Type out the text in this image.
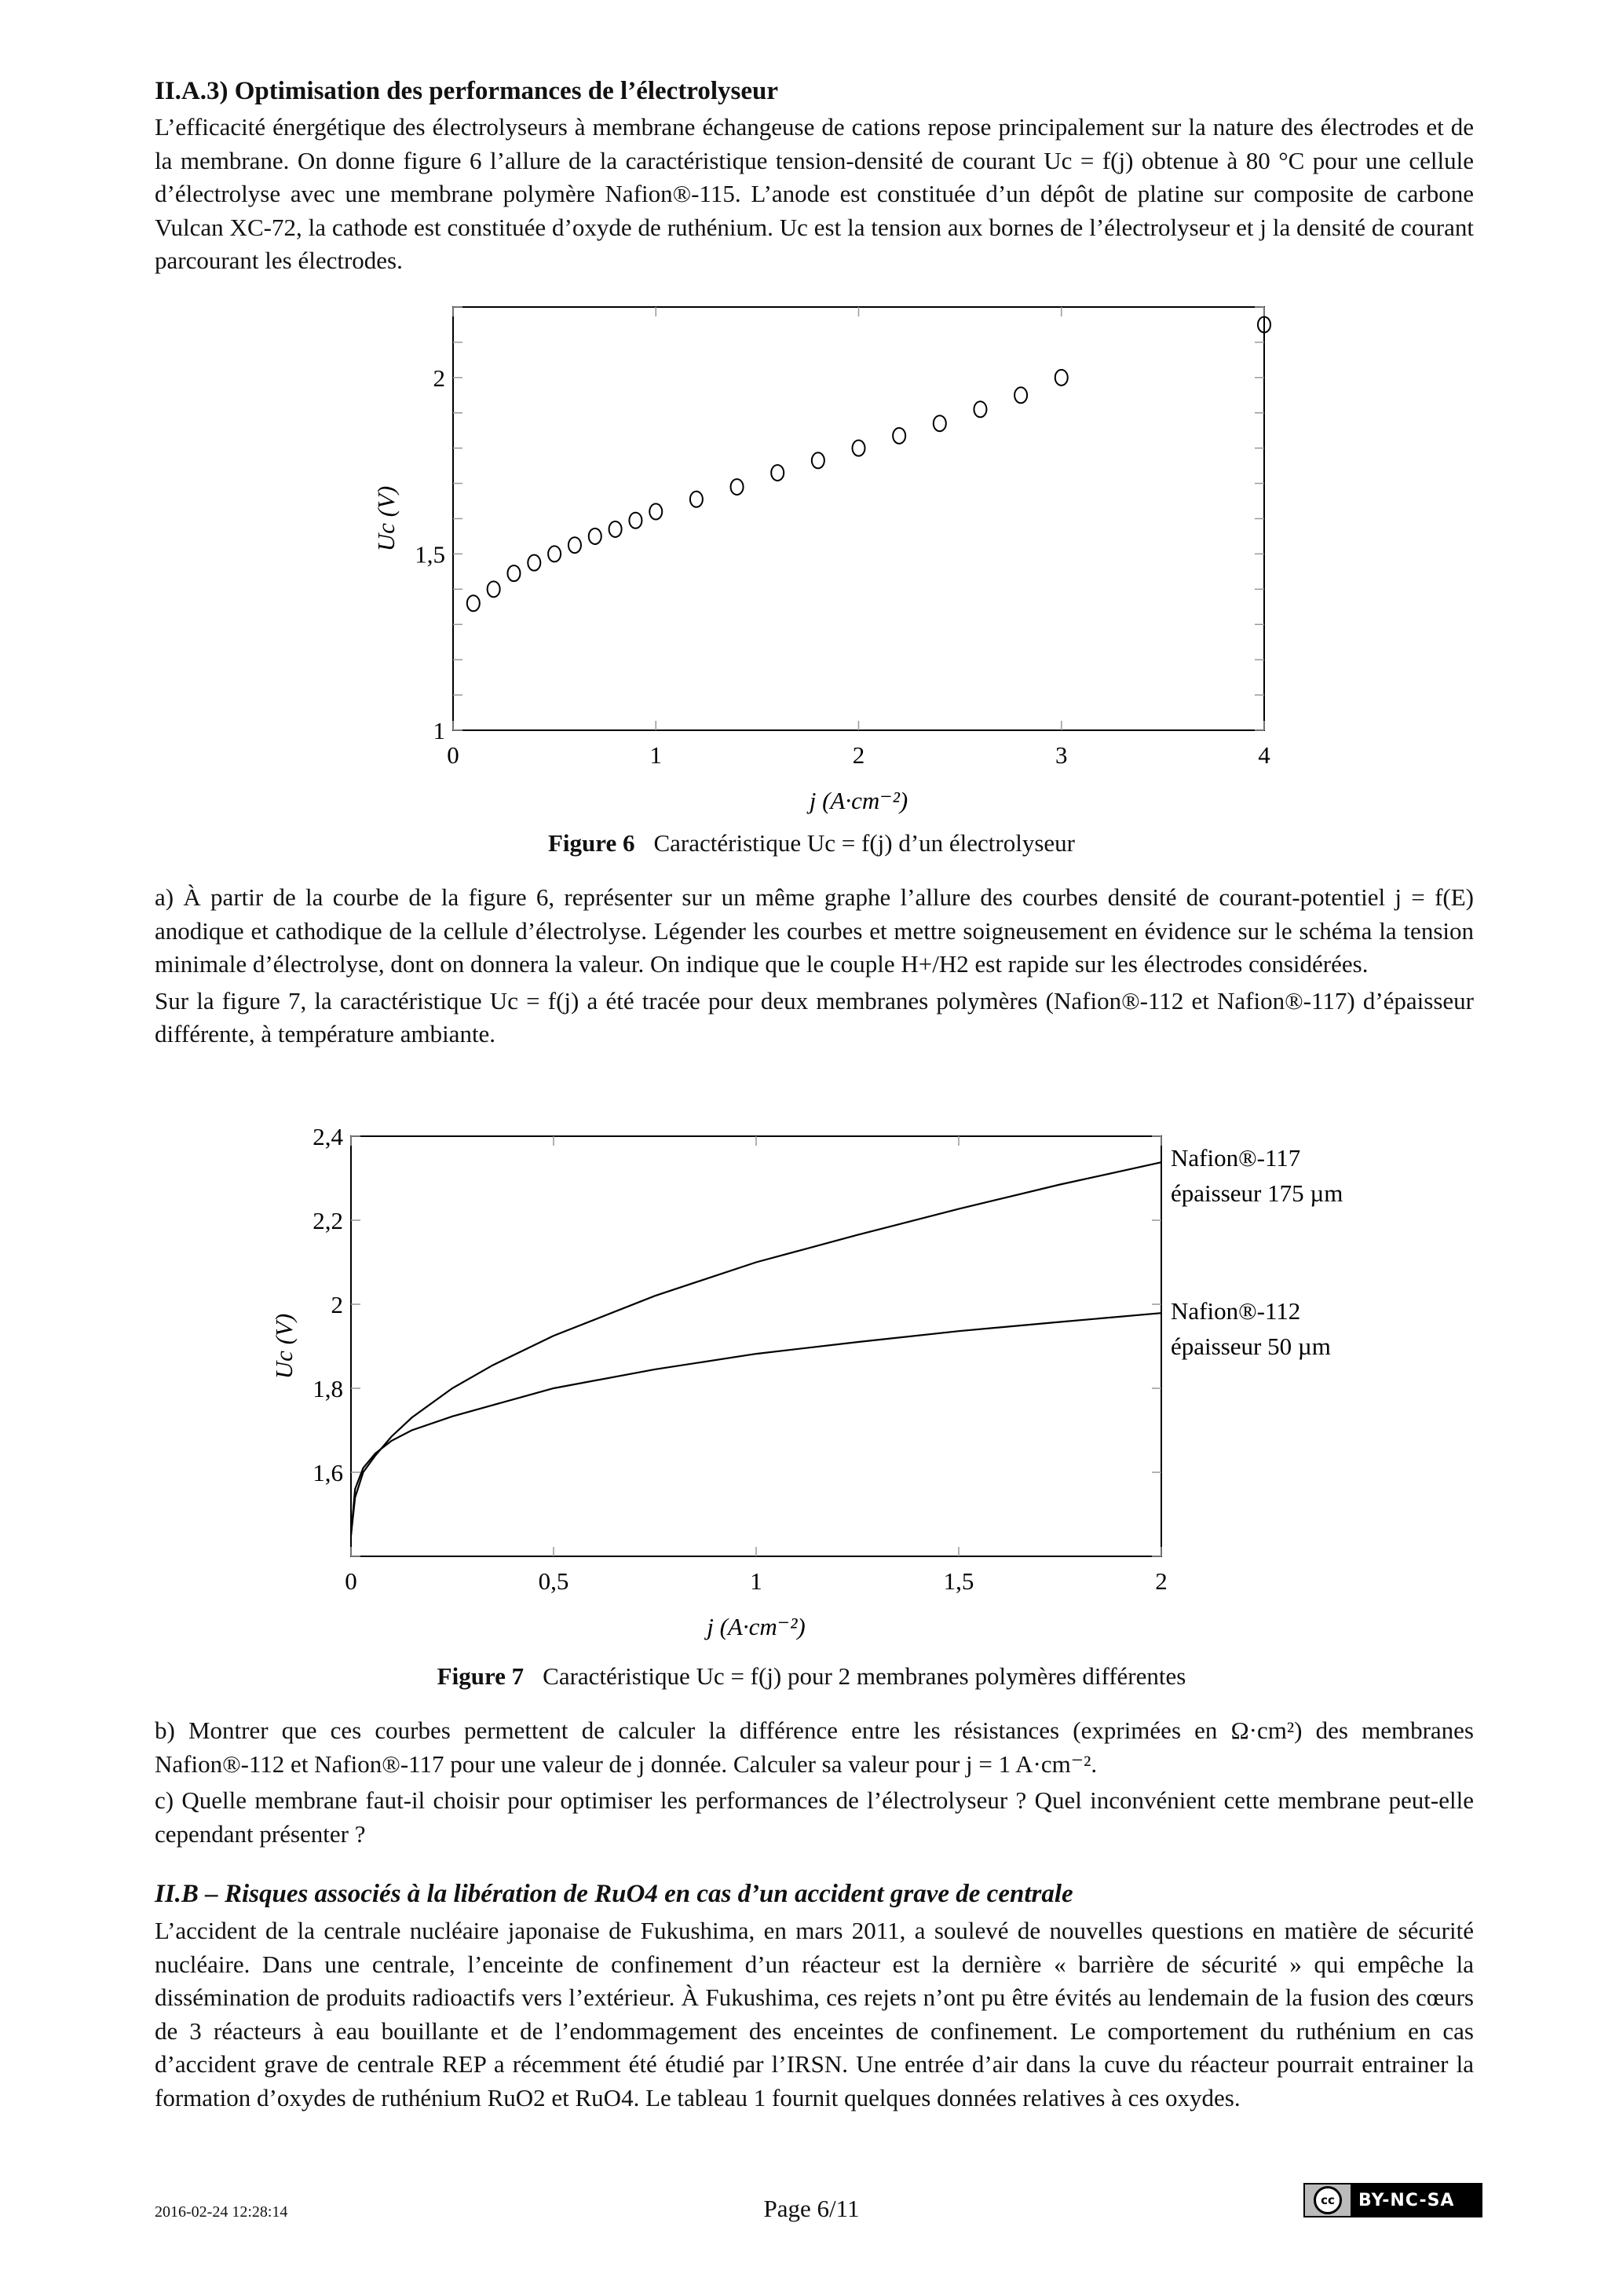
II.A.3) Optimisation des performances de l’électrolyseur

L’efficacité énergétique des électrolyseurs à membrane échangeuse de cations repose principalement sur la nature des électrodes et de la membrane. On donne figure 6 l’allure de la caractéristique tension-densité de courant Uc = f(j) obtenue à 80 °C pour une cellule d’électrolyse avec une membrane polymère Nafion®-115. L’anode est constituée d’un dépôt de platine sur composite de carbone Vulcan XC-72, la cathode est constituée d’oxyde de ruthénium. Uc est la tension aux bornes de l’électrolyseur et j la densité de courant parcourant les électrodes.

0	1	2	3	4
1
1,5
2
j (A·cm⁻²)
Uc (V)
Figure 6 Caractéristique Uc = f(j) d’un électrolyseur

a) À partir de la courbe de la figure 6, représenter sur un même graphe l’allure des courbes densité de courant-potentiel j = f(E) anodique et cathodique de la cellule d’électrolyse. Légender les courbes et mettre soigneusement en évidence sur le schéma la tension minimale d’électrolyse, dont on donnera la valeur. On indique que le couple H+/H2 est rapide sur les électrodes considérées.

Sur la figure 7, la caractéristique Uc = f(j) a été tracée pour deux membranes polymères (Nafion®-112 et Nafion®-117) d’épaisseur différente, à température ambiante.

0	0,5	1	1,5	2
1,6
1,8
2
2,2
2,4
j (A·cm⁻²)
Uc (V)
Nafion®-117
épaisseur 175 µm
Nafion®-112
épaisseur 50 µm
Figure 7 Caractéristique Uc = f(j) pour 2 membranes polymères différentes

b) Montrer que ces courbes permettent de calculer la différence entre les résistances (exprimées en Ω·cm²) des membranes Nafion®-112 et Nafion®-117 pour une valeur de j donnée. Calculer sa valeur pour j = 1 A·cm⁻².

c) Quelle membrane faut-il choisir pour optimiser les performances de l’électrolyseur ? Quel inconvénient cette membrane peut-elle cependant présenter ?

II.B – Risques associés à la libération de RuO4 en cas d’un accident grave de centrale

L’accident de la centrale nucléaire japonaise de Fukushima, en mars 2011, a soulevé de nouvelles questions en matière de sécurité nucléaire. Dans une centrale, l’enceinte de confinement d’un réacteur est la dernière « barrière de sécurité » qui empêche la dissémination de produits radioactifs vers l’extérieur. À Fukushima, ces rejets n’ont pu être évités au lendemain de la fusion des cœurs de 3 réacteurs à eau bouillante et de l’endommagement des enceintes de confinement. Le comportement du ruthénium en cas d’accident grave de centrale REP a récemment été étudié par l’IRSN. Une entrée d’air dans la cuve du réacteur pourrait entrainer la formation d’oxydes de ruthénium RuO2 et RuO4. Le tableau 1 fournit quelques données relatives à ces oxydes.

2016-02-24 12:28:14	Page 6/11	cc	BY-NC-SA
